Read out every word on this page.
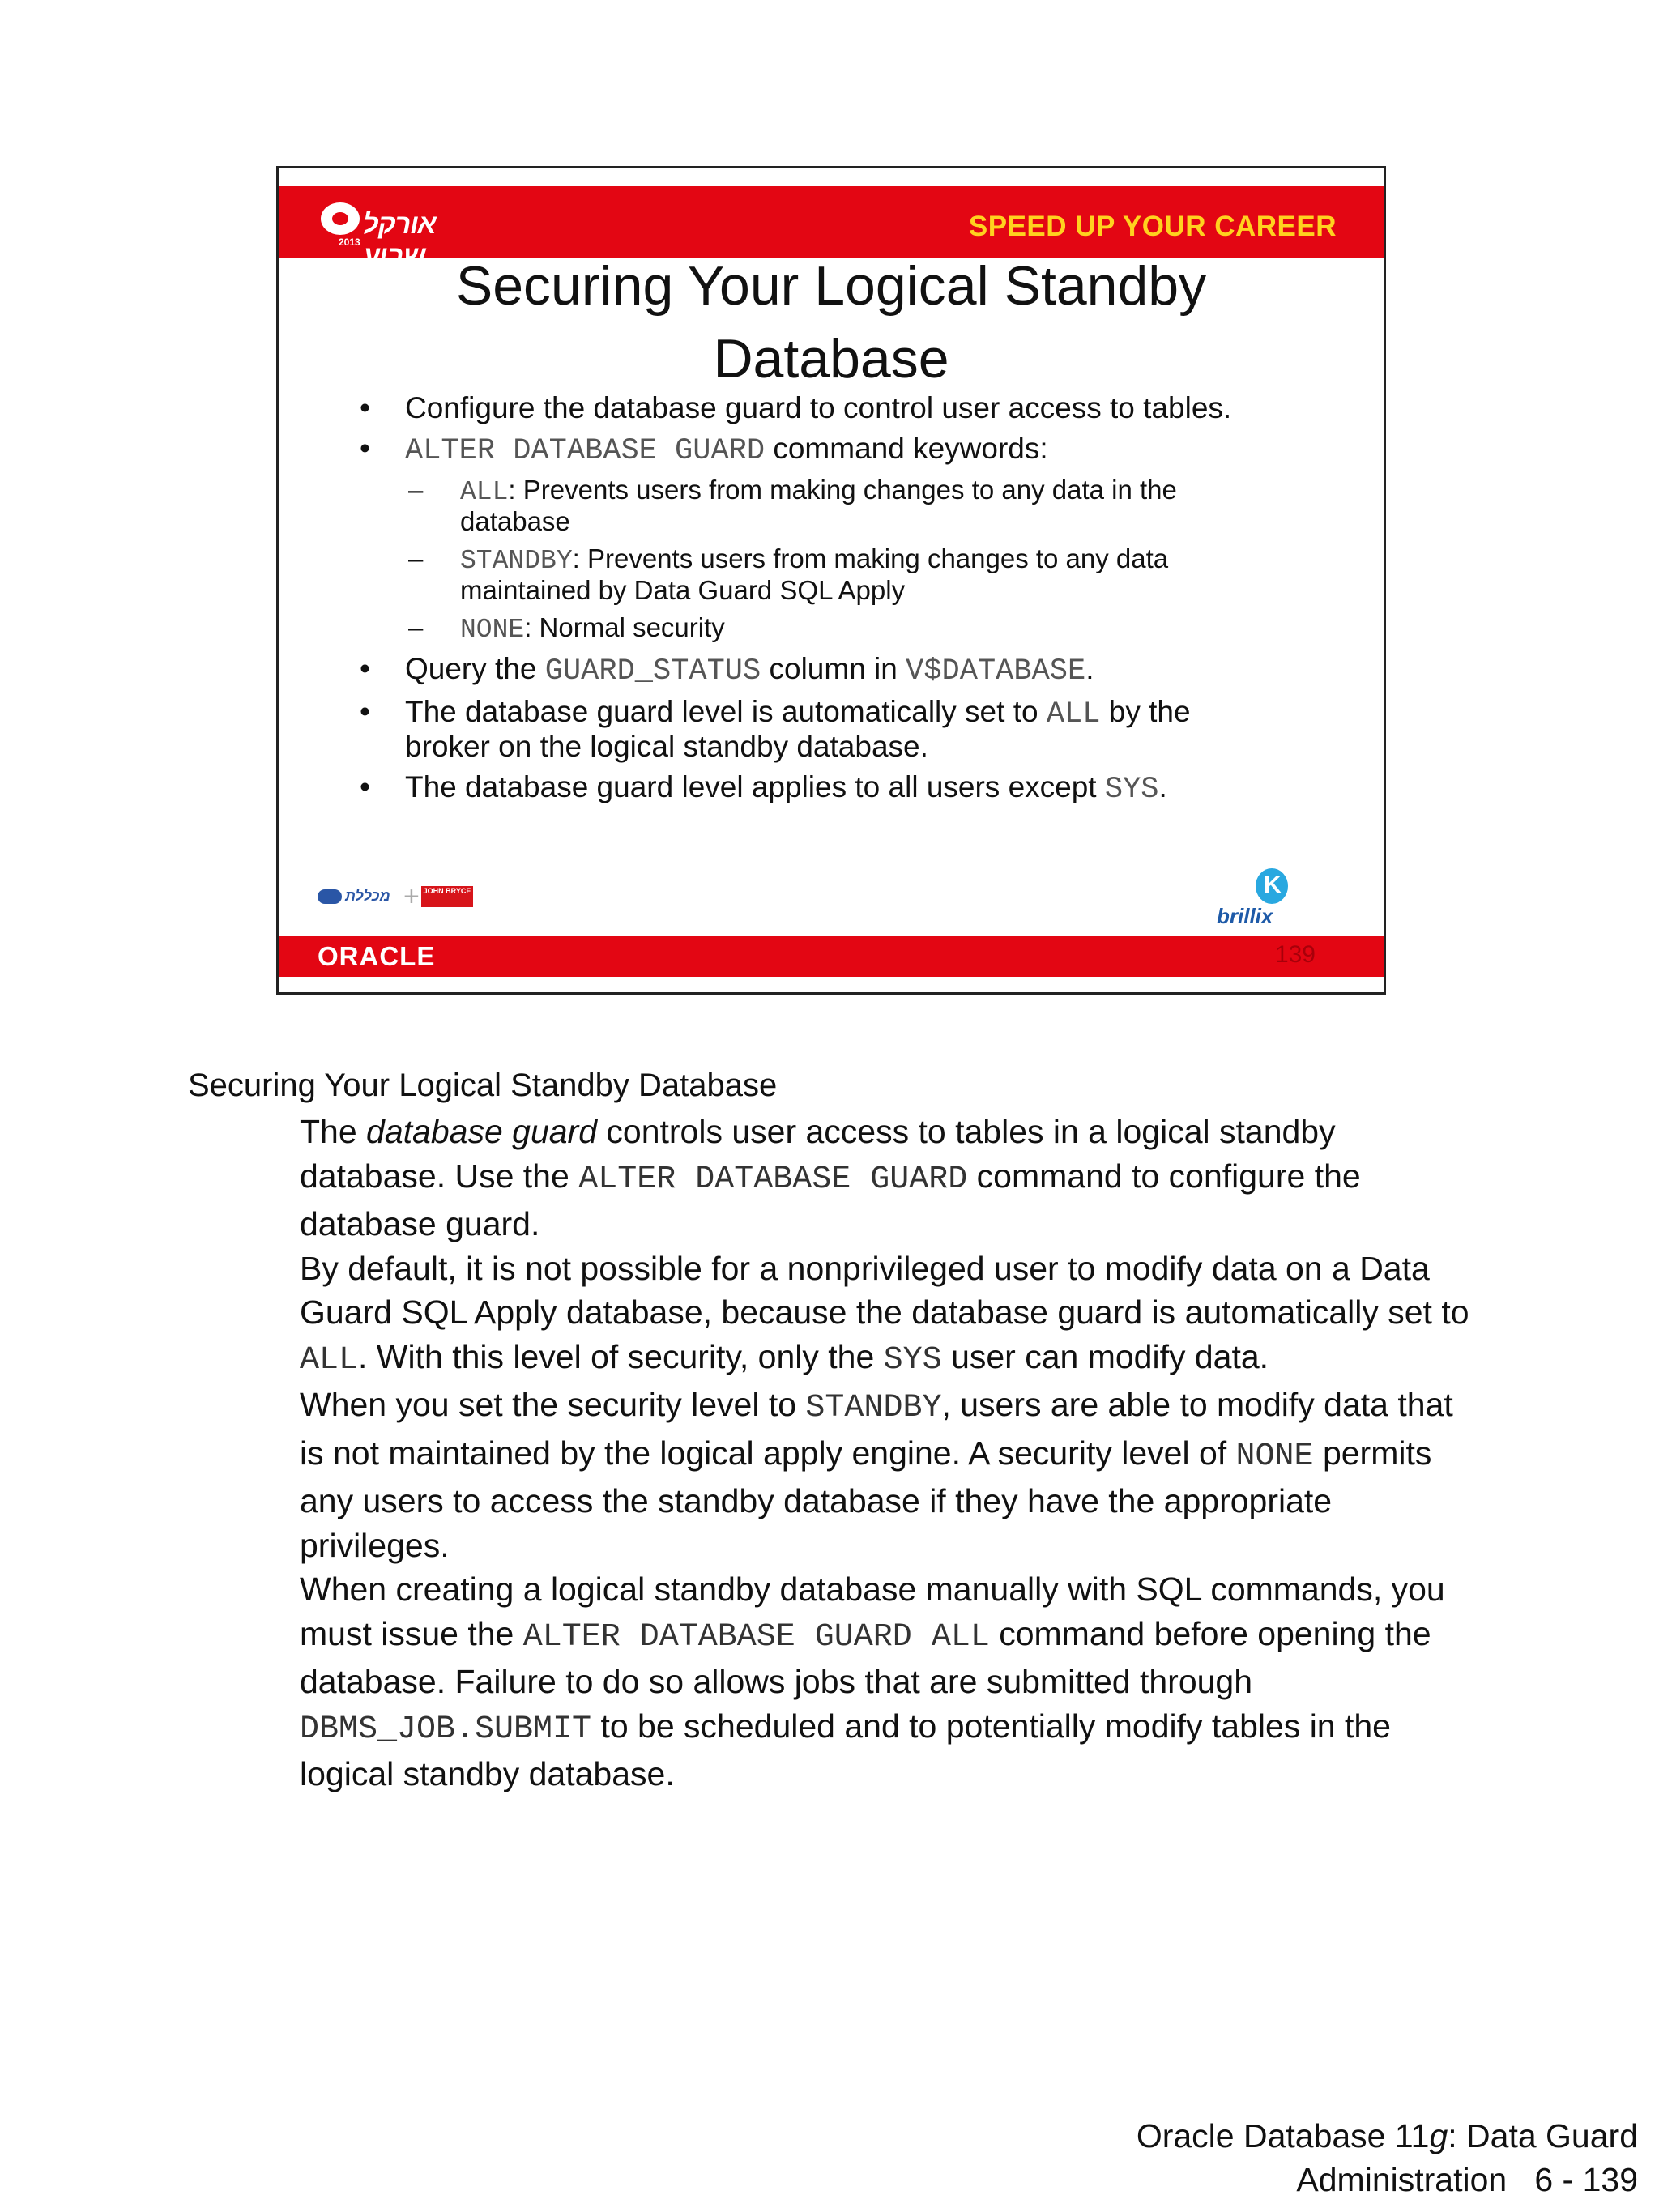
2013
אורקל שבוע
SPEED UP YOUR CAREER
Securing Your Logical Standby
Database
• Configure the database guard to control user access to tables.
• ALTER DATABASE GUARD command keywords:
– ALL: Prevents users from making changes to any data in the database
– STANDBY: Prevents users from making changes to any data maintained by Data Guard SQL Apply
– NONE: Normal security
• Query the GUARD_STATUS column in V$DATABASE.
• The database guard level is automatically set to ALL by the broker on the logical standby database.
• The database guard level applies to all users except SYS.
מכללת + JOHN BRYCE
K
brillix
ORACLE	139
Securing Your Logical Standby Database

The database guard controls user access to tables in a logical standby database. Use the ALTER DATABASE GUARD command to configure the database guard.

By default, it is not possible for a nonprivileged user to modify data on a Data Guard SQL Apply database, because the database guard is automatically set to ALL. With this level of security, only the SYS user can modify data.

When you set the security level to STANDBY, users are able to modify data that is not maintained by the logical apply engine. A security level of NONE permits any users to access the standby database if they have the appropriate privileges.

When creating a logical standby database manually with SQL commands, you must issue the ALTER DATABASE GUARD ALL command before opening the database. Failure to do so allows jobs that are submitted through DBMS_JOB.SUBMIT to be scheduled and to potentially modify tables in the logical standby database.

Oracle Database 11g: Data Guard
Administration   6 - 139
